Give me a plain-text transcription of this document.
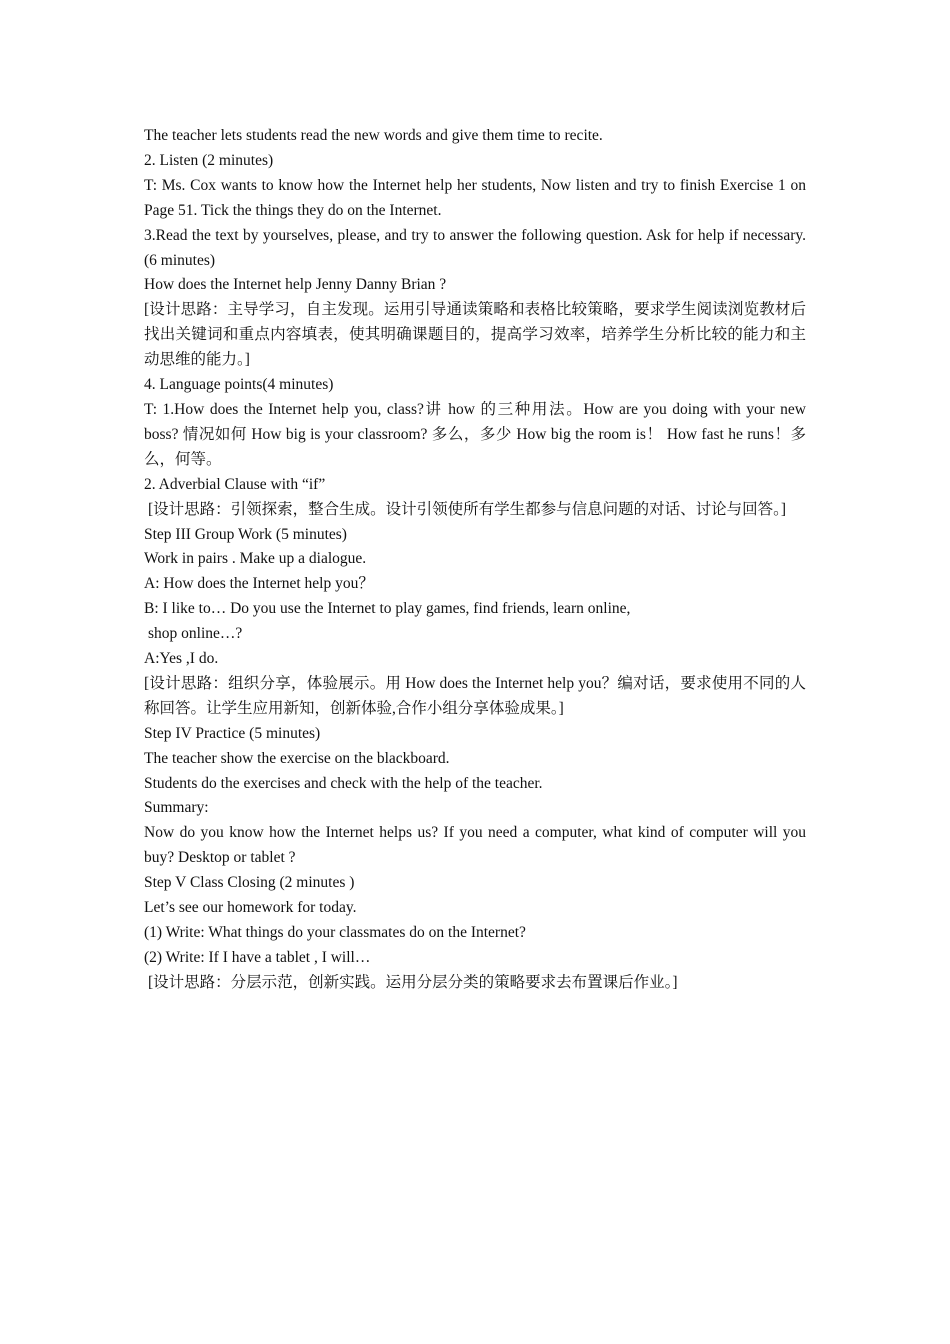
The teacher lets students read the new words and give them time to recite.

2. Listen (2 minutes)

T: Ms. Cox wants to know how the Internet help her students, Now listen and try to finish Exercise 1 on Page 51. Tick the things they do on the Internet.

3.Read the text by yourselves, please, and try to answer the following question. Ask for help if necessary. (6 minutes)

How does the Internet help Jenny Danny Brian ?

[设计思路：主导学习，自主发现。运用引导通读策略和表格比较策略，要求学生阅读浏览教材后找出关键词和重点内容填表，使其明确课题目的，提高学习效率，培养学生分析比较的能力和主动思维的能力。]

4. Language points(4 minutes)

T: 1.How does the Internet help you, class?讲 how 的三种用法。How are you doing with your new boss? 情况如何 How big is your classroom? 多么，多少 How big the room is！ How fast he runs！多么，何等。

2. Adverbial Clause with “if”

[设计思路：引领探索，整合生成。设计引领使所有学生都参与信息问题的对话、讨论与回答。]

Step III Group Work (5 minutes)

Work in pairs . Make up a dialogue.

A: How does the Internet help you？

B: I like to… Do you use the Internet to play games, find friends, learn online,

shop online…?

A:Yes ,I do.

[设计思路：组织分享，体验展示。用 How does the Internet help you？编对话，要求使用不同的人称回答。让学生应用新知，创新体验,合作小组分享体验成果。]

Step IV Practice (5 minutes)

The teacher show the exercise on the blackboard.

Students do the exercises and check with the help of the teacher.

Summary:

Now do you know how the Internet helps us? If you need a computer, what kind of computer will you buy? Desktop or tablet ?

Step V Class Closing (2 minutes )

Let’s see our homework for today.

(1) Write: What things do your classmates do on the Internet?

(2) Write: If I have a tablet , I will…

[设计思路：分层示范，创新实践。运用分层分类的策略要求去布置课后作业。]
